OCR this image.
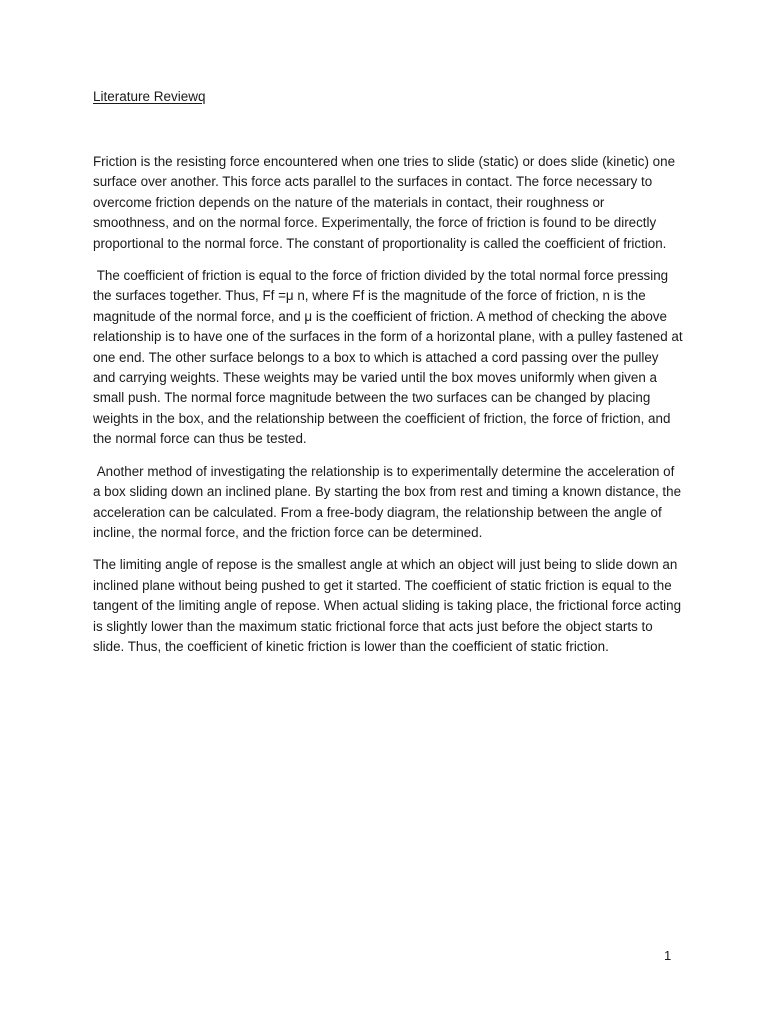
Literature Reviewq

Friction is the resisting force encountered when one tries to slide (static) or does slide (kinetic) one surface over another. This force acts parallel to the surfaces in contact. The force necessary to overcome friction depends on the nature of the materials in contact, their roughness or smoothness, and on the normal force. Experimentally, the force of friction is found to be directly proportional to the normal force. The constant of proportionality is called the coefficient of friction.

The coefficient of friction is equal to the force of friction divided by the total normal force pressing the surfaces together. Thus, Ff =μ n, where Ff is the magnitude of the force of friction, n is the magnitude of the normal force, and μ is the coefficient of friction. A method of checking the above relationship is to have one of the surfaces in the form of a horizontal plane, with a pulley fastened at one end. The other surface belongs to a box to which is attached a cord passing over the pulley and carrying weights. These weights may be varied until the box moves uniformly when given a small push. The normal force magnitude between the two surfaces can be changed by placing weights in the box, and the relationship between the coefficient of friction, the force of friction, and the normal force can thus be tested.

Another method of investigating the relationship is to experimentally determine the acceleration of a box sliding down an inclined plane. By starting the box from rest and timing a known distance, the acceleration can be calculated. From a free-body diagram, the relationship between the angle of incline, the normal force, and the friction force can be determined.

The limiting angle of repose is the smallest angle at which an object will just being to slide down an inclined plane without being pushed to get it started. The coefficient of static friction is equal to the tangent of the limiting angle of repose. When actual sliding is taking place, the frictional force acting is slightly lower than the maximum static frictional force that acts just before the object starts to slide. Thus, the coefficient of kinetic friction is lower than the coefficient of static friction.

1
